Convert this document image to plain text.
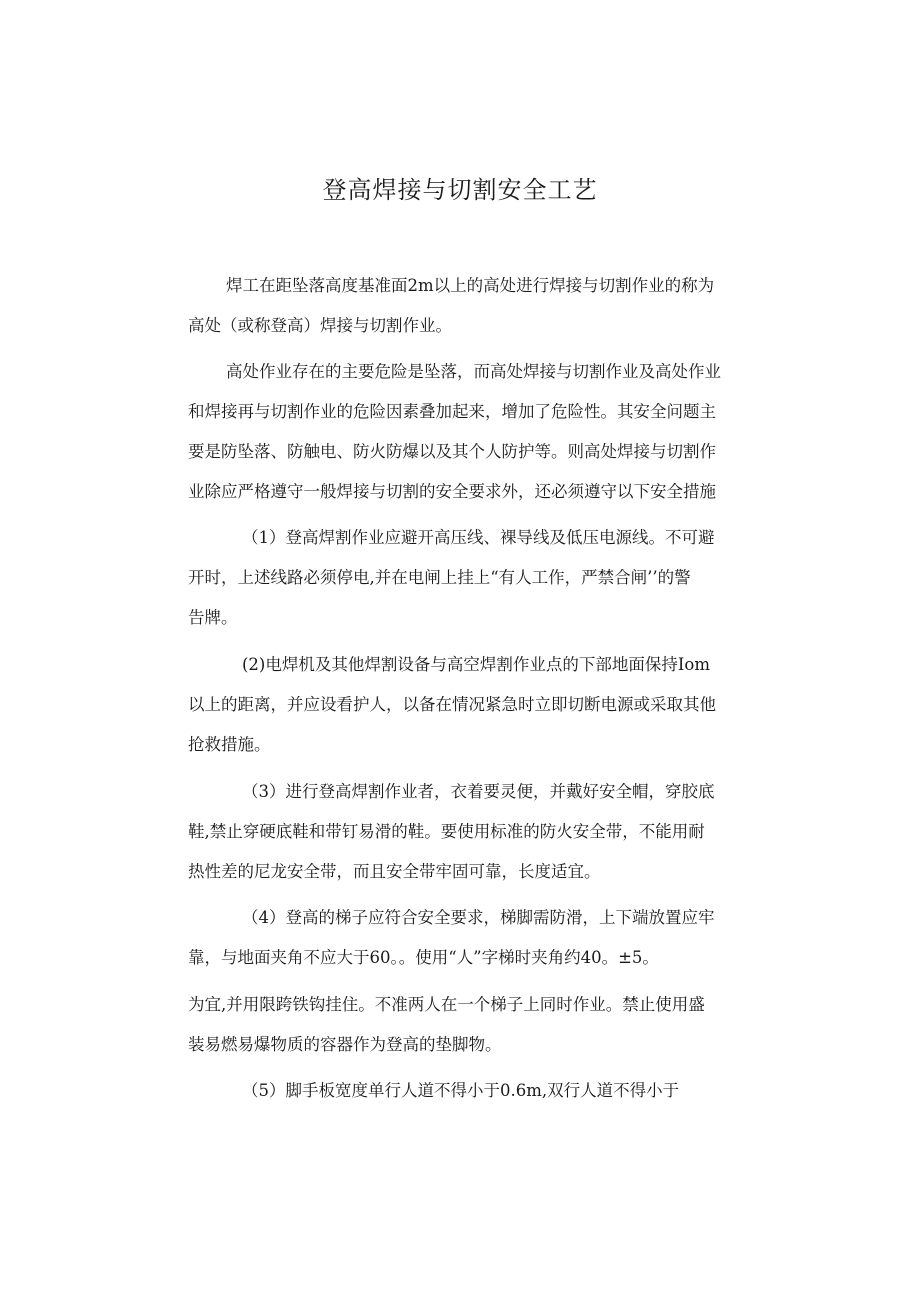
登高焊接与切割安全工艺
焊工在距坠落高度基准面2m以上的高处进行焊接与切割作业的称为
高处（或称登高）焊接与切割作业。
高处作业存在的主要危险是坠落，而高处焊接与切割作业及高处作业
和焊接再与切割作业的危险因素叠加起来，增加了危险性。其安全问题主
要是防坠落、防触电、防火防爆以及其个人防护等。则高处焊接与切割作
业除应严格遵守一般焊接与切割的安全要求外，还必须遵守以下安全措施
（1）登高焊割作业应避开高压线、裸导线及低压电源线。不可避
开时，上述线路必须停电,并在电闸上挂上“有人工作，严禁合闸’’的警
告牌。
(2)电焊机及其他焊割设备与高空焊割作业点的下部地面保持Iom
以上的距离，并应设看护人，以备在情况紧急时立即切断电源或采取其他
抢救措施。
（3）进行登高焊割作业者，衣着要灵便，并戴好安全帽，穿胶底
鞋,禁止穿硬底鞋和带钉易滑的鞋。要使用标准的防火安全带，不能用耐
热性差的尼龙安全带，而且安全带牢固可靠，长度适宜。
（4）登高的梯子应符合安全要求，梯脚需防滑，上下端放置应牢
靠，与地面夹角不应大于60。。使用“人”字梯时夹角约40。±5。
为宜,并用限跨铁钩挂住。不准两人在一个梯子上同时作业。禁止使用盛
装易燃易爆物质的容器作为登高的垫脚物。
（5）脚手板宽度单行人道不得小于0.6m,双行人道不得小于
